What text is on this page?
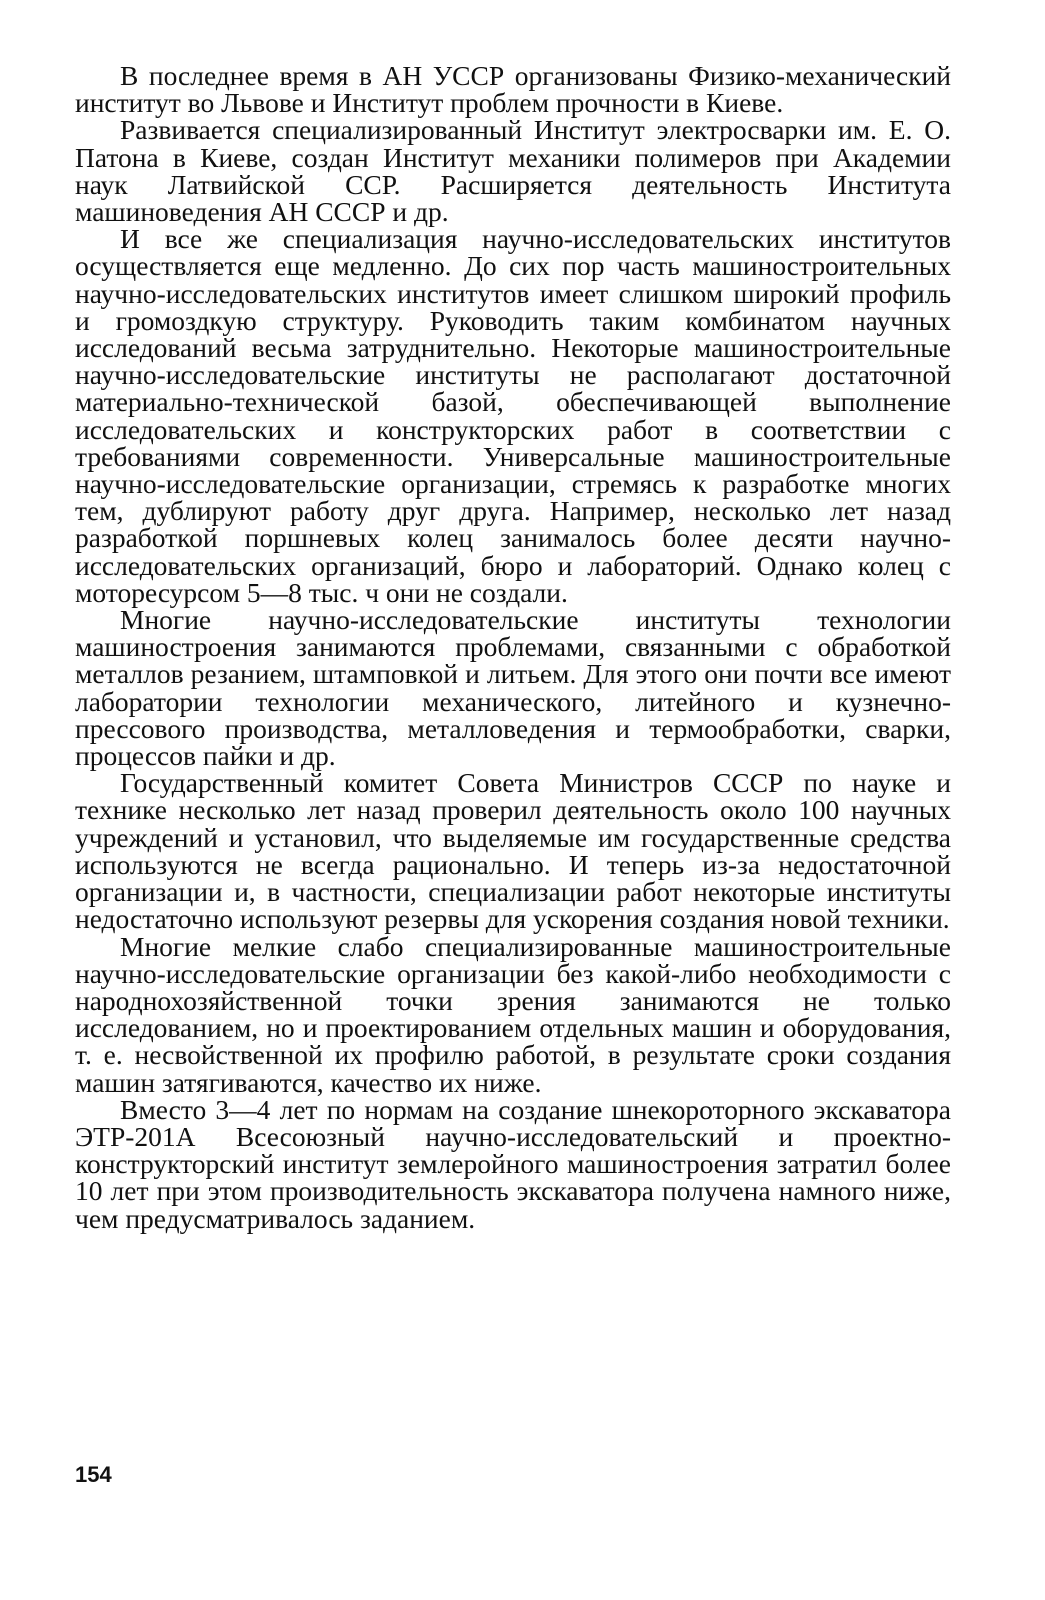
В последнее время в АН УССР организованы Физико-механический институт во Львове и Институт проблем прочности в Киеве.

Развивается специализированный Институт электросварки им. Е. О. Патона в Киеве, создан Институт механики полимеров при Академии наук Латвийской ССР. Расширяется деятельность Института машиноведения АН СССР и др.

И все же специализация научно-исследовательских институтов осуществляется еще медленно. До сих пор часть машиностроительных научно-исследовательских институтов имеет слишком широкий профиль и громоздкую структуру. Руководить таким комбинатом научных исследований весьма затруднительно. Некоторые машиностроительные научно-исследовательские институты не располагают достаточной материально-технической базой, обеспечивающей выполнение исследовательских и конструкторских работ в соответствии с требованиями современности. Универсальные машиностроительные научно-исследовательские организации, стремясь к разработке многих тем, дублируют работу друг друга. Например, несколько лет назад разработкой поршневых колец занималось более десяти научно-исследовательских организаций, бюро и лабораторий. Однако колец с моторесурсом 5—8 тыс. ч они не создали.

Многие научно-исследовательские институты технологии машиностроения занимаются проблемами, связанными с обработкой металлов резанием, штамповкой и литьем. Для этого они почти все имеют лаборатории технологии механического, литейного и кузнечно-прессового производства, металловедения и термообработки, сварки, процессов пайки и др.

Государственный комитет Совета Министров СССР по науке и технике несколько лет назад проверил деятельность около 100 научных учреждений и установил, что выделяемые им государственные средства используются не всегда рационально. И теперь из-за недостаточной организации и, в частности, специализации работ некоторые институты недостаточно используют резервы для ускорения создания новой техники.

Многие мелкие слабо специализированные машиностроительные научно-исследовательские организации без какой-либо необходимости с народнохозяйственной точки зрения занимаются не только исследованием, но и проектированием отдельных машин и оборудования, т. е. несвойственной их профилю работой, в результате сроки создания машин затягиваются, качество их ниже.

Вместо 3—4 лет по нормам на создание шнекороторного экскаватора ЭТР-201А Всесоюзный научно-исследовательский и проектно-конструкторский институт землеройного машиностроения затратил более 10 лет при этом производительность экскаватора получена намного ниже, чем предусматривалось заданием.

154
